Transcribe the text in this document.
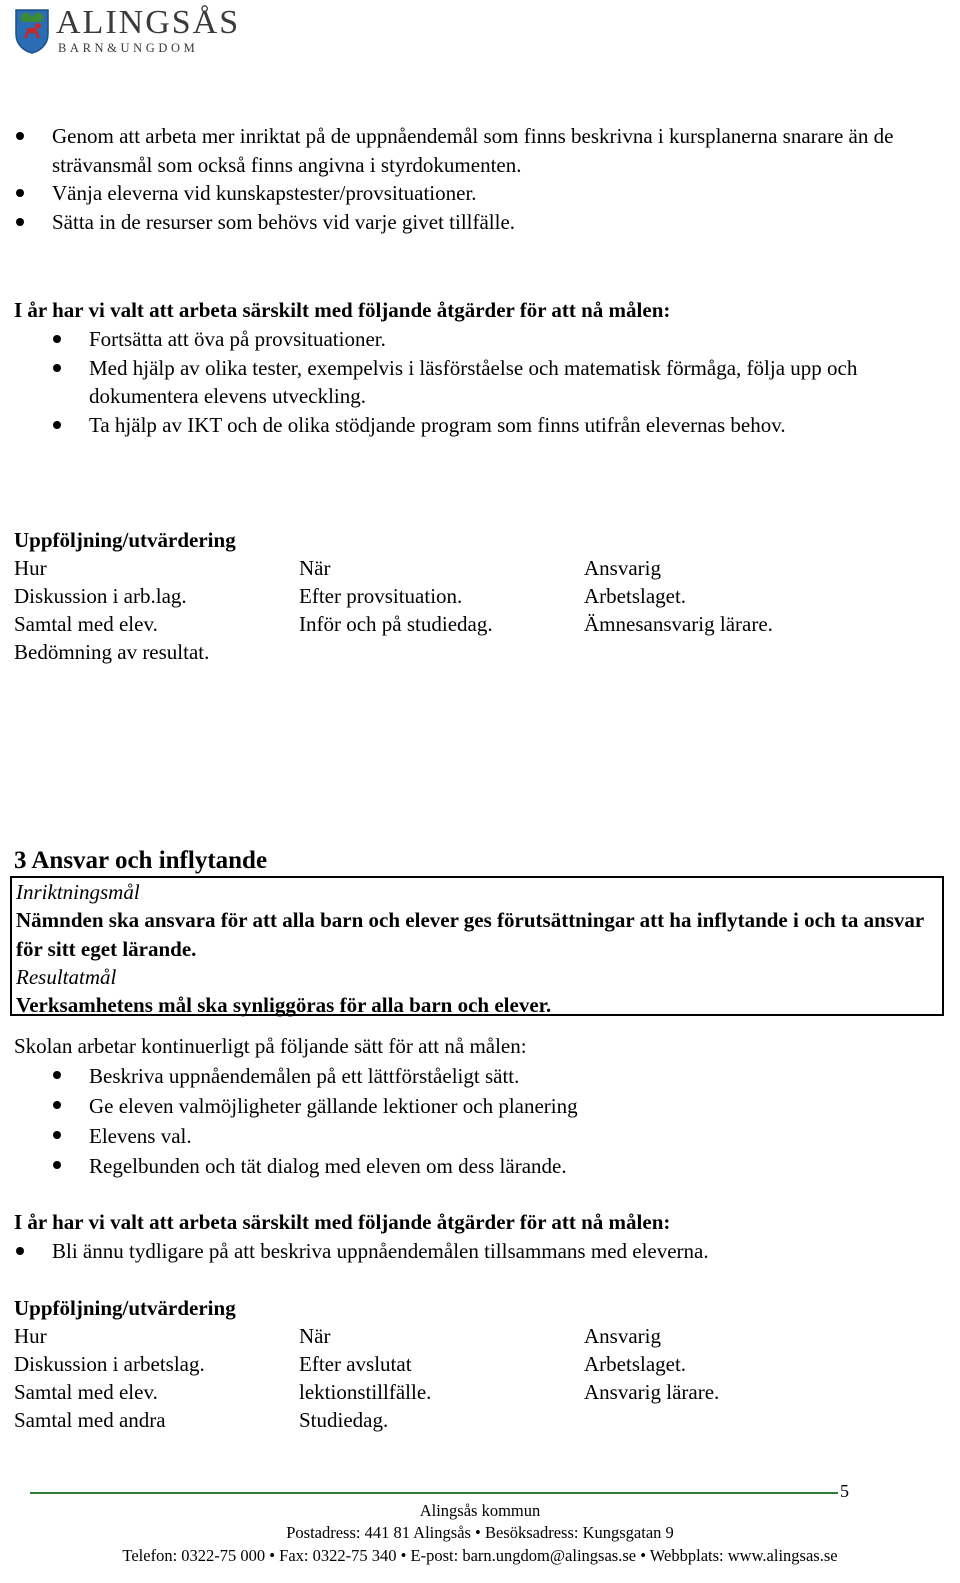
ALINGSÅS
BARN&UNGDOM
Genom att arbeta mer inriktat på de uppnåendemål som finns beskrivna i kursplanerna snarare än de strävansmål som också finns angivna i styrdokumenten.
Vänja eleverna vid kunskapstester/provsituationer.
Sätta in de resurser som behövs vid varje givet tillfälle.
I år har vi valt att arbeta särskilt med följande åtgärder för att nå målen:
Fortsätta att öva på provsituationer.
Med hjälp av olika tester, exempelvis i läsförståelse och matematisk förmåga, följa upp och dokumentera elevens utveckling.
Ta hjälp av IKT och de olika stödjande program som finns utifrån elevernas behov.
Uppföljning/utvärdering
Hur	När	Ansvarig
Diskussion i arb.lag.	Efter provsituation.	Arbetslaget.
Samtal med elev.	Inför och på studiedag.	Ämnesansvarig lärare.
Bedömning av resultat.
3 Ansvar och inflytande
Inriktningsmål
Nämnden ska ansvara för att alla barn och elever ges förutsättningar att ha inflytande i och ta ansvar för sitt eget lärande.
Resultatmål
Verksamhetens mål ska synliggöras för alla barn och elever.
Skolan arbetar kontinuerligt på följande sätt för att nå målen:
Beskriva uppnåendemålen på ett lättförståeligt sätt.
Ge eleven valmöjligheter gällande lektioner och planering
Elevens val.
Regelbunden och tät dialog med eleven om dess lärande.
I år har vi valt att arbeta särskilt med följande åtgärder för att nå målen:
Bli ännu tydligare på att beskriva uppnåendemålen tillsammans med eleverna.
Uppföljning/utvärdering
Hur	När	Ansvarig
Diskussion i arbetslag.	Efter avslutat	Arbetslaget.
Samtal med elev.	lektionstillfälle.	Ansvarig lärare.
Samtal med andra	Studiedag.
5
Alingsås kommun
Postadress: 441 81 Alingsås • Besöksadress: Kungsgatan 9
Telefon: 0322-75 000 • Fax: 0322-75 340 • E-post: barn.ungdom@alingsas.se • Webbplats: www.alingsas.se
